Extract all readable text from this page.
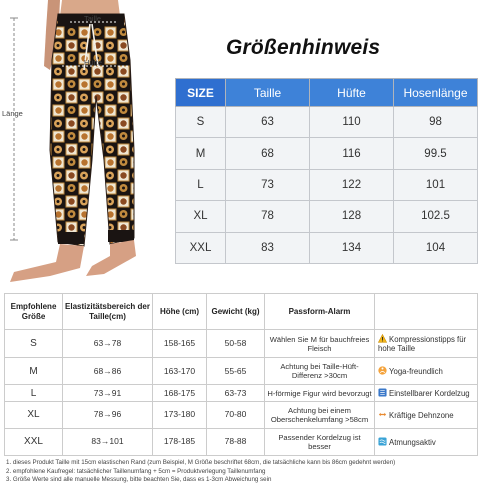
Taille
Hüfte
Länge
Größenhinweis
SIZE	Taille	Hüfte	Hosenlänge
S	63	110	98
M	68	116	99.5
L	73	122	101
XL	78	128	102.5
XXL	83	134	104
Empfohlene Größe	Elastizitätsbereich der Taille(cm)	Höhe (cm)	Gewicht (kg)	Passform-Alarm	
S	63→78	158-165	50-58	Wählen Sie M für bauchfreies Fleisch	Kompressionstipps für hohe Taille
M	68→86	163-170	55-65	Achtung bei Taille-Hüft-Differenz >30cm	Yoga-freundlich
L	73→91	168-175	63-73	H-förmige Figur wird bevorzugt	Einstellbarer Kordelzug
XL	78→96	173-180	70-80	Achtung bei einem Oberschenkelumfang >58cm	Kräftige Dehnzone
XXL	83→101	178-185	78-88	Passender Kordelzug ist besser	Atmungsaktiv
1. dieses Produkt Taille mit 15cm elastischen Rand (zum Beispiel, M Größe beschriftet 68cm, die tatsächliche kann bis 86cm gedehnt werden)
2. empfohlene Kaufregel: tatsächlicher Taillenumfang + 5cm = Produktverlegung Taillenumfang
3. Größe Werte sind alle manuelle Messung, bitte beachten Sie, dass es 1-3cm Abweichung sein
